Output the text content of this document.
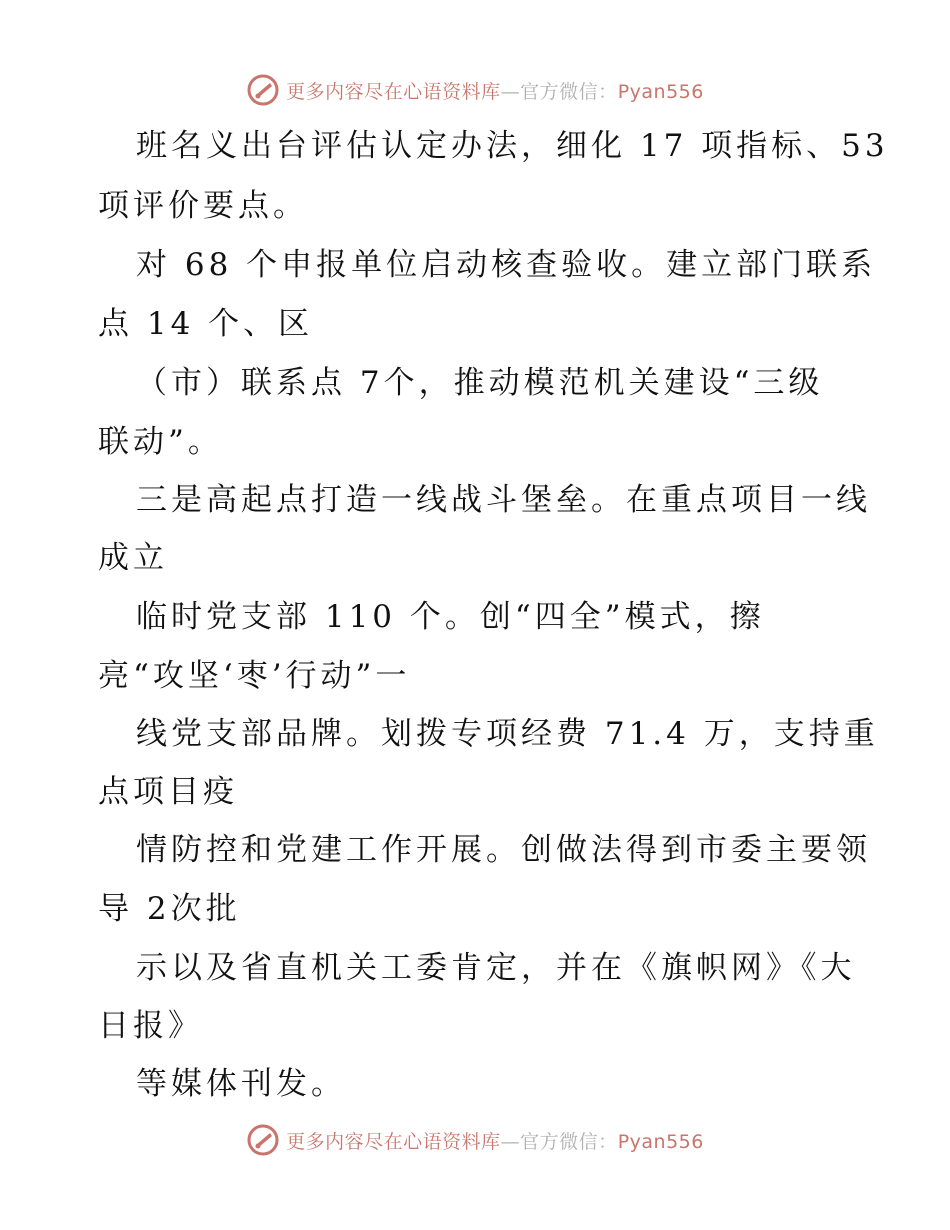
更多内容尽在心语资料库—官方微信：Pyan556
班名义出台评估认定办法，细化 17 项指标、53
项评价要点。
对 68 个申报单位启动核查验收。建立部门联系
点 14 个、区
（市）联系点 7个，推动模范机关建设“三级
联动”。
三是高起点打造一线战斗堡垒。在重点项目一线
成立
临时党支部 110 个。创“四全”模式，擦
亮“攻坚‘枣’行动”一
线党支部品牌。划拨专项经费 71.4 万，支持重
点项目疫
情防控和党建工作开展。创做法得到市委主要领
导 2次批
示以及省直机关工委肯定，并在《旗帜网》《大
日报》
等媒体刊发。
更多内容尽在心语资料库—官方微信：Pyan556
